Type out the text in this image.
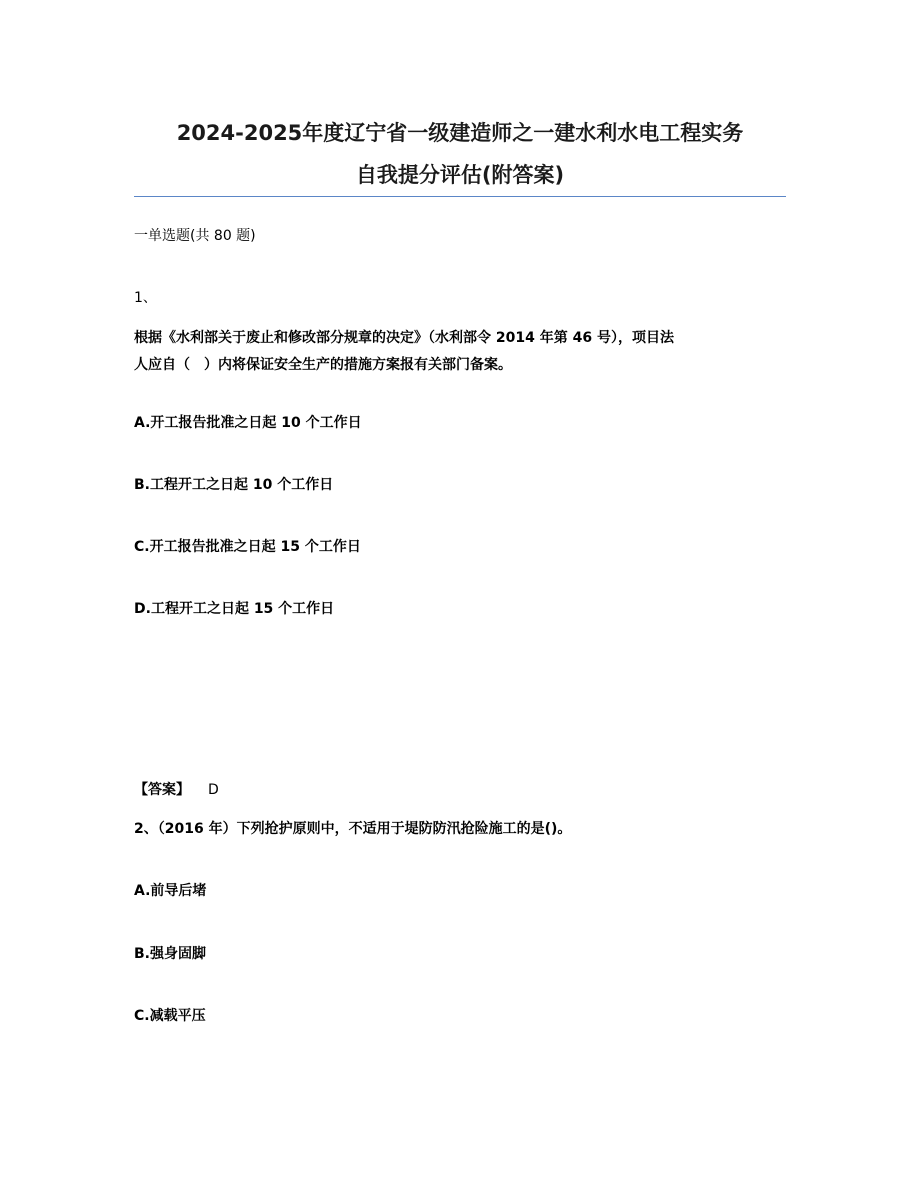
2024-2025年度辽宁省一级建造师之一建水利水电工程实务
自我提分评估(附答案)
一单选题(共 80 题)
1、
根据《水利部关于废止和修改部分规章的决定》（水利部令 2014 年第 46 号），项目法
人应自（　）内将保证安全生产的措施方案报有关部门备案。
A.开工报告批准之日起 10 个工作日
B.工程开工之日起 10 个工作日
C.开工报告批准之日起 15 个工作日
D.工程开工之日起 15 个工作日
【答案】 D
2、（2016 年）下列抢护原则中，不适用于堤防防汛抢险施工的是()。
A.前导后堵
B.强身固脚
C.减载平压
